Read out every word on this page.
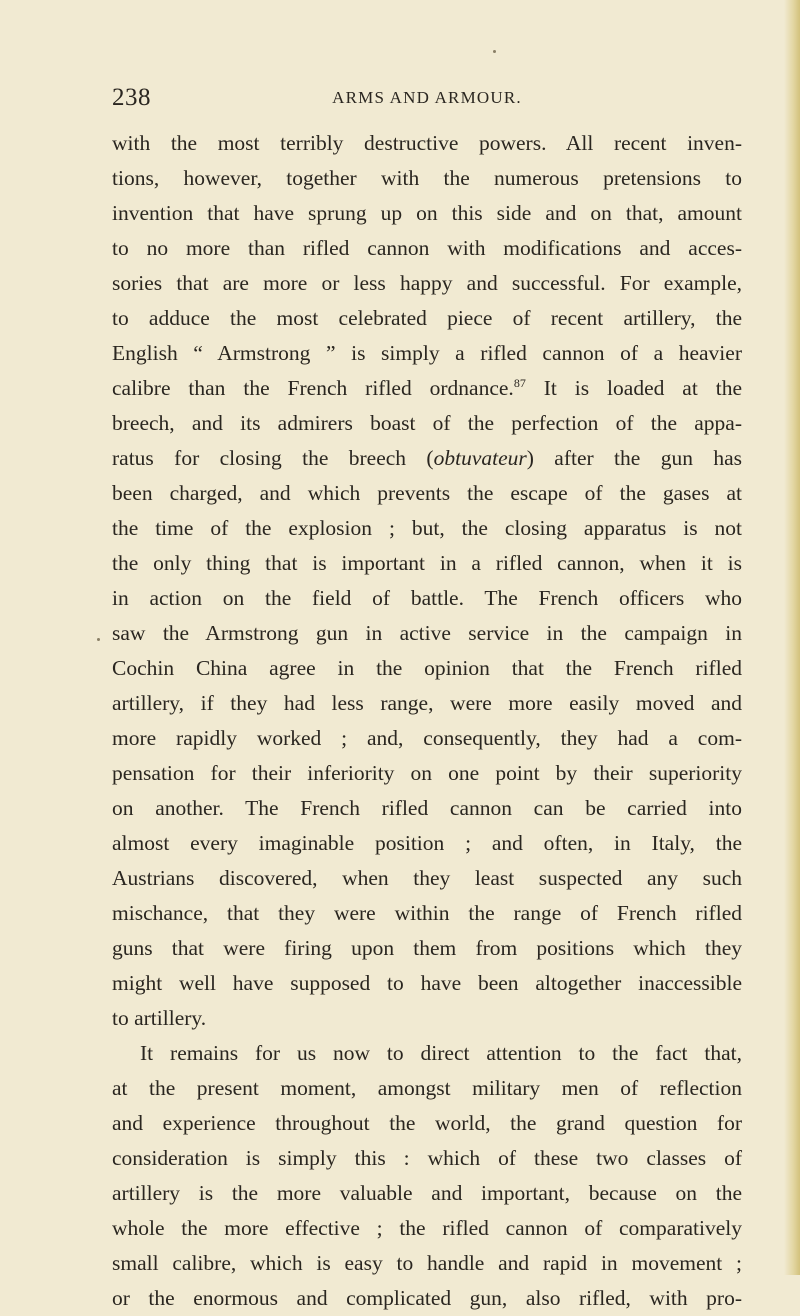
238	ARMS AND ARMOUR.
with the most terribly destructive powers. All recent inven-
tions, however, together with the numerous pretensions to
invention that have sprung up on this side and on that, amount
to no more than rifled cannon with modifications and acces-
sories that are more or less happy and successful. For example,
to adduce the most celebrated piece of recent artillery, the
English “ Armstrong ” is simply a rifled cannon of a heavier
calibre than the French rifled ordnance.$^{87}$ It is loaded at the
breech, and its admirers boast of the perfection of the appa-
ratus for closing the breech (obtuvateur) after the gun has
been charged, and which prevents the escape of the gases at
the time of the explosion ; but, the closing apparatus is not
the only thing that is important in a rifled cannon, when it is
in action on the field of battle. The French officers who
saw the Armstrong gun in active service in the campaign in
Cochin China agree in the opinion that the French rifled
artillery, if they had less range, were more easily moved and
more rapidly worked ; and, consequently, they had a com-
pensation for their inferiority on one point by their superiority
on another. The French rifled cannon can be carried into
almost every imaginable position ; and often, in Italy, the
Austrians discovered, when they least suspected any such
mischance, that they were within the range of French rifled
guns that were firing upon them from positions which they
might well have supposed to have been altogether inaccessible
to artillery.
It remains for us now to direct attention to the fact that,
at the present moment, amongst military men of reflection
and experience throughout the world, the grand question for
consideration is simply this : which of these two classes of
artillery is the more valuable and important, because on the
whole the more effective ; the rifled cannon of comparatively
small calibre, which is easy to handle and rapid in movement ;
or the enormous and complicated gun, also rifled, with pro-
